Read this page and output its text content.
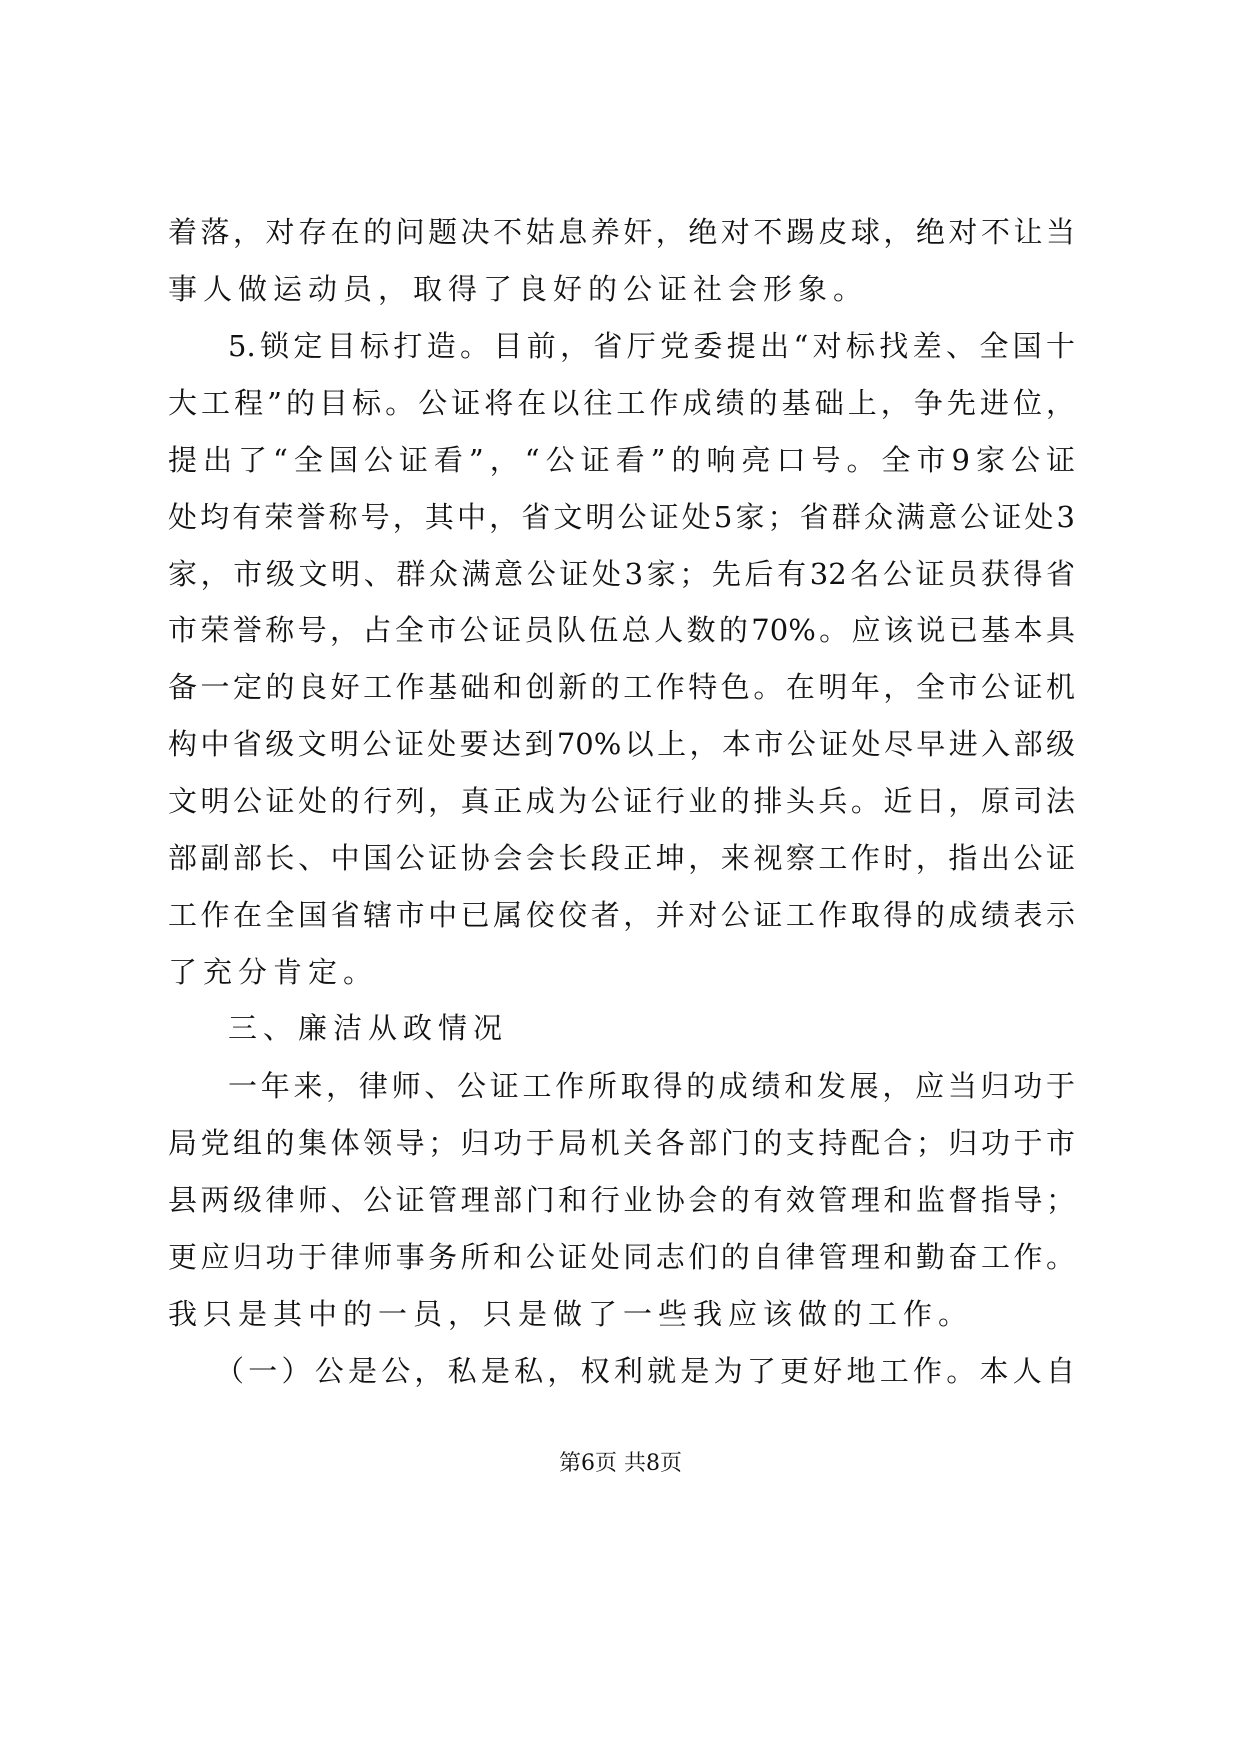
着落，对存在的问题决不姑息养奸，绝对不踢皮球，绝对不让当
事人做运动员，取得了良好的公证社会形象。
5.锁定目标打造。目前，省厅党委提出“对标找差、全国十
大工程”的目标。公证将在以往工作成绩的基础上，争先进位，
提出了“全国公证看”，“公证看”的响亮口号。全市9家公证
处均有荣誉称号，其中，省文明公证处5家；省群众满意公证处3
家，市级文明、群众满意公证处3家；先后有32名公证员获得省
市荣誉称号，占全市公证员队伍总人数的70%。应该说已基本具
备一定的良好工作基础和创新的工作特色。在明年，全市公证机
构中省级文明公证处要达到70%以上，本市公证处尽早进入部级
文明公证处的行列，真正成为公证行业的排头兵。近日，原司法
部副部长、中国公证协会会长段正坤，来视察工作时，指出公证
工作在全国省辖市中已属佼佼者，并对公证工作取得的成绩表示
了充分肯定。
三、廉洁从政情况
一年来，律师、公证工作所取得的成绩和发展，应当归功于
局党组的集体领导；归功于局机关各部门的支持配合；归功于市
县两级律师、公证管理部门和行业协会的有效管理和监督指导；
更应归功于律师事务所和公证处同志们的自律管理和勤奋工作。
我只是其中的一员，只是做了一些我应该做的工作。
（一）公是公，私是私，权利就是为了更好地工作。本人自
第6页 共8页
